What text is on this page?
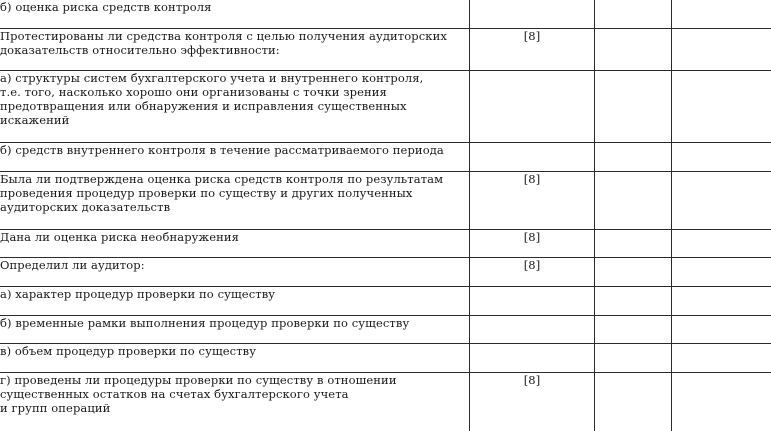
б) оценка риска средств контроля			

Протестированы ли средства контроля с целью получения аудиторских
доказательств относительно эффективности:	[8]		

а) структуры систем бухгалтерского учета и внутреннего контроля,
т.е. того, насколько хорошо они организованы с точки зрения
предотвращения или обнаружения и исправления существенных
искажений			

б) средств внутреннего контроля в течение рассматриваемого периода			

Была ли подтверждена оценка риска средств контроля по результатам
проведения процедур проверки по существу и других полученных
аудиторских доказательств	[8]		

Дана ли оценка риска необнаружения	[8]		

Определил ли аудитор:	[8]		

а) характер процедур проверки по существу			

б) временные рамки выполнения процедур проверки по существу			

в) объем процедур проверки по существу			

г) проведены ли процедуры проверки по существу в отношении
существенных остатков на счетах бухгалтерского учета
и групп операций	[8]		
